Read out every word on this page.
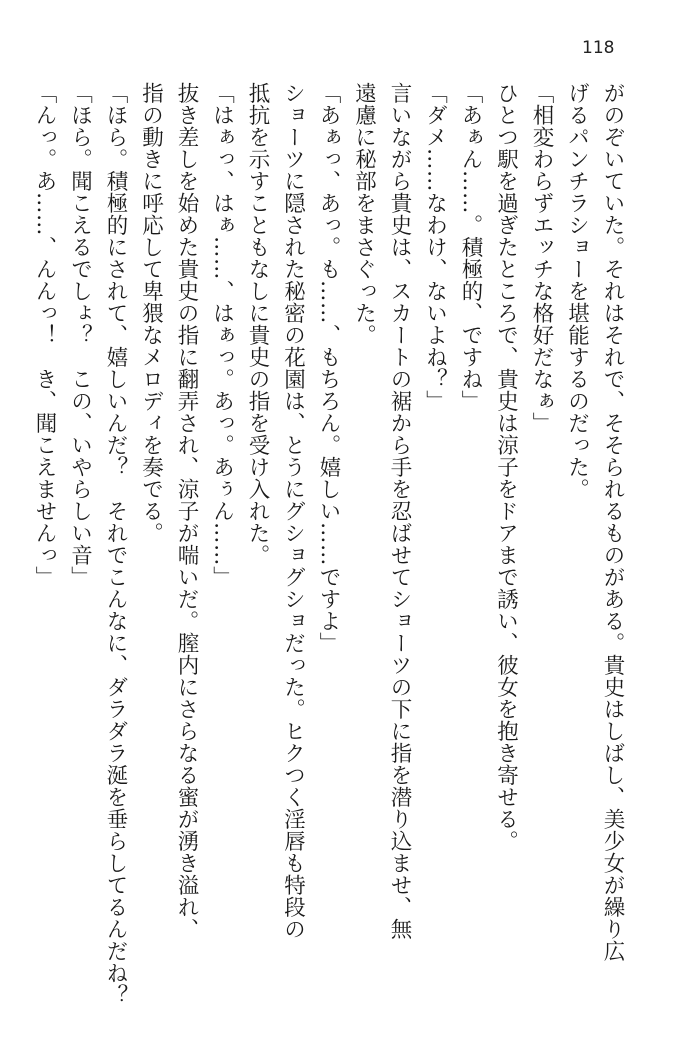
118
がのぞいていた。それはそれで、そそられるものがある。貴史はしばし、美少女が繰り広
げるパンチラショーを堪能するのだった。
「相変わらずエッチな格好だなぁ」
ひとつ駅を過ぎたところで、貴史は涼子をドアまで誘い、彼女を抱き寄せる。
「あぁん……。積極的、ですね」
「ダメ……なわけ、ないよね？」
言いながら貴史は、スカートの裾から手を忍ばせてショーツの下に指を潜り込ませ、無
遠慮に秘部をまさぐった。
「あぁっ、あっ。も……、もちろん。嬉しい……ですよ」
ショーツに隠された秘密の花園は、とうにグショグショだった。ヒクつく淫唇も特段の
抵抗を示すこともなしに貴史の指を受け入れた。
「はぁっ、はぁ……、はぁっ。あっ。あぅん……」
抜き差しを始めた貴史の指に翻弄され、涼子が喘いだ。膣内にさらなる蜜が湧き溢れ、
指の動きに呼応して卑猥なメロディを奏でる。
「ほら。積極的にされて、嬉しいんだ？　それでこんなに、ダラダラ涎を垂らしてるんだね？
「ほら。聞こえるでしょ？　この、いやらしい音」
「んっ。あ……、んんっ！　き、聞こえませんっ」
